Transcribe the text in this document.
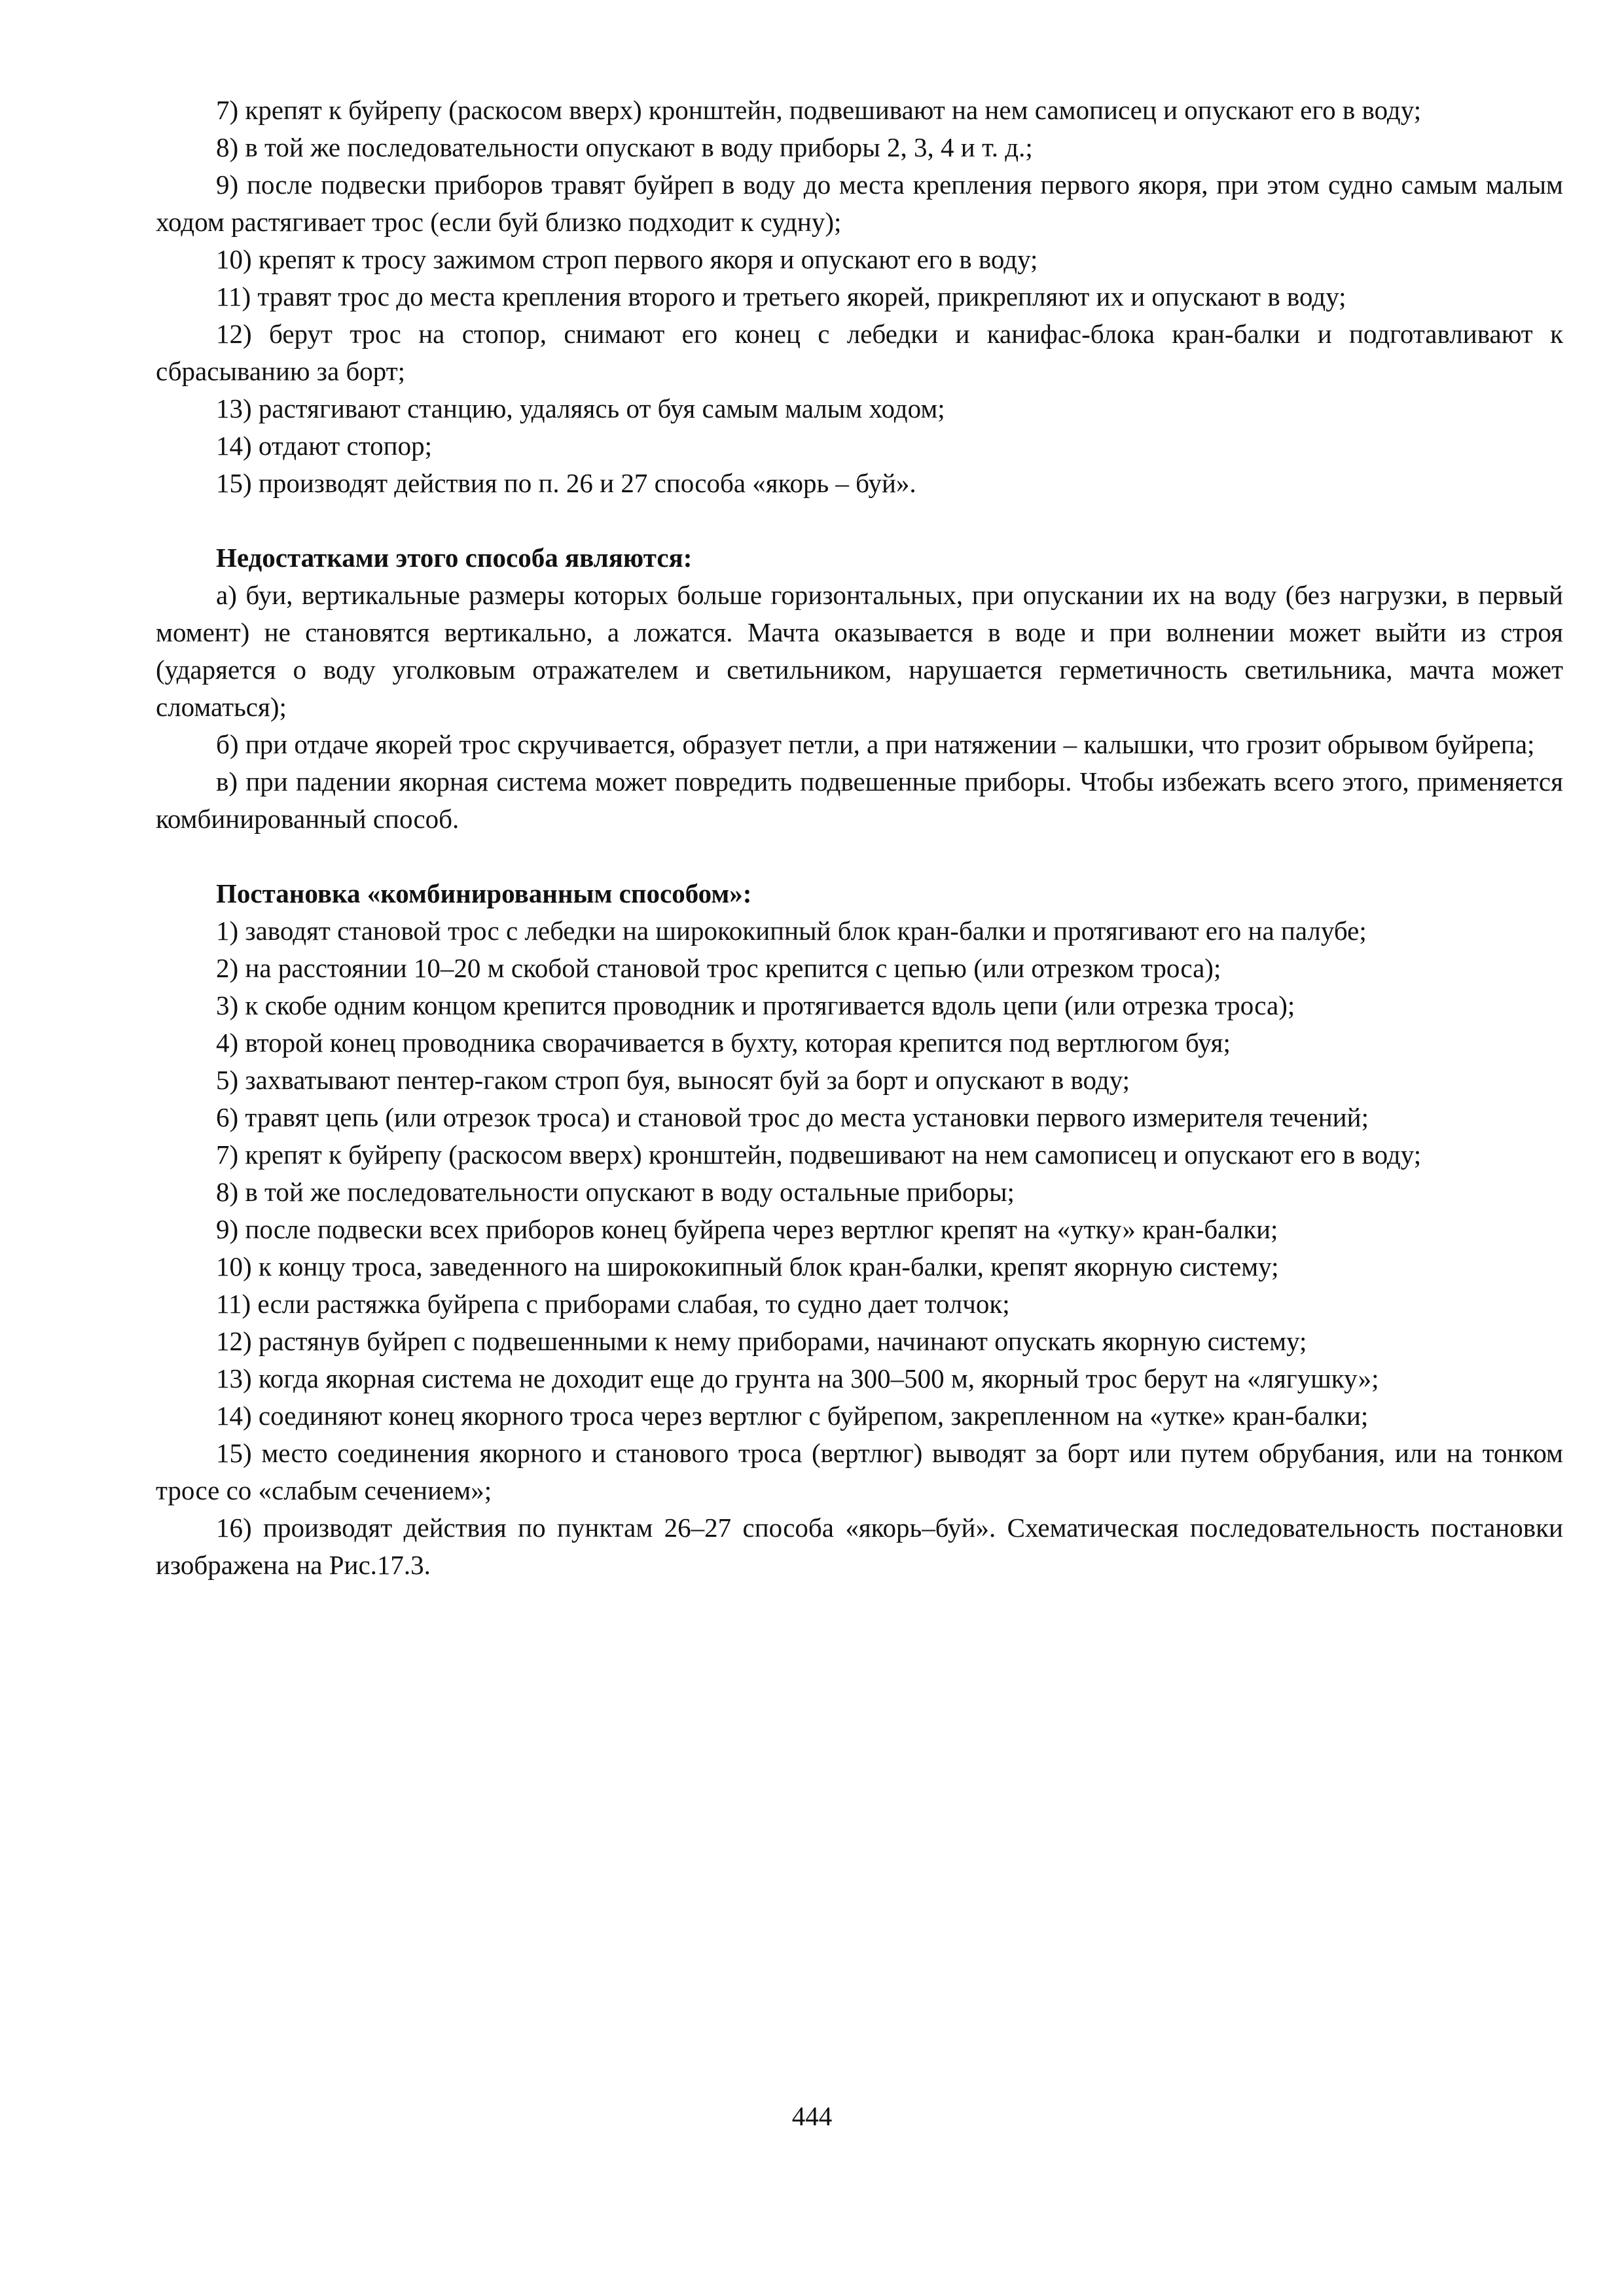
7) крепят к буйрепу (раскосом вверх) кронштейн, подвешивают на нем самописец и опускают его в воду;

8) в той же последовательности опускают в воду приборы 2, 3, 4 и т. д.;

9) после подвески приборов травят буйреп в воду до места крепления первого якоря, при этом судно самым малым ходом растягивает трос (если буй близко подходит к судну);

10) крепят к тросу зажимом строп первого якоря и опускают его в воду;

11) травят трос до места крепления второго и третьего якорей, прикрепляют их и опускают в воду;

12) берут трос на стопор, снимают его конец с лебедки и канифас-блока кран-балки и подготавливают к сбрасыванию за борт;

13) растягивают станцию, удаляясь от буя самым малым ходом;

14) отдают стопор;

15) производят действия по п. 26 и 27 способа «якорь – буй».

Недостатками этого способа являются:

а) буи, вертикальные размеры которых больше горизонтальных, при опускании их на воду (без нагрузки, в первый момент) не становятся вертикально, а ложатся. Мачта оказывается в воде и при волнении может выйти из строя (ударяется о воду уголковым отражателем и светильником, нарушается герметичность светильника, мачта может сломаться);

б) при отдаче якорей трос скручивается, образует петли, а при натяжении – калышки, что грозит обрывом буйрепа;

в) при падении якорная система может повредить подвешенные приборы. Чтобы избежать всего этого, применяется комбинированный способ.

Постановка «комбинированным способом»:

1) заводят становой трос с лебедки на ширококипный блок кран-балки и протягивают его на палубе;

2) на расстоянии 10–20 м скобой становой трос крепится с цепью (или отрезком троса);

3) к скобе одним концом крепится проводник и протягивается вдоль цепи (или отрезка троса);

4) второй конец проводника сворачивается в бухту, которая крепится под вертлюгом буя;

5) захватывают пентер-гаком строп буя, выносят буй за борт и опускают в воду;

6) травят цепь (или отрезок троса) и становой трос до места установки первого измерителя течений;

7) крепят к буйрепу (раскосом вверх) кронштейн, подвешивают на нем самописец и опускают его в воду;

8) в той же последовательности опускают в воду остальные приборы;

9) после подвески всех приборов конец буйрепа через вертлюг крепят на «утку» кран-балки;

10) к концу троса, заведенного на ширококипный блок кран-балки, крепят якорную систему;

11) если растяжка буйрепа с приборами слабая, то судно дает толчок;

12) растянув буйреп с подвешенными к нему приборами, начинают опускать якорную систему;

13) когда якорная система не доходит еще до грунта на 300–500 м, якорный трос берут на «лягушку»;

14) соединяют конец якорного троса через вертлюг с буйрепом, закрепленном на «утке» кран-балки;

15) место соединения якорного и станового троса (вертлюг) выводят за борт или путем обрубания, или на тонком тросе со «слабым сечением»;

16) производят действия по пунктам 26–27 способа «якорь–буй». Схематическая последовательность постановки изображена на Рис.17.3.

444
